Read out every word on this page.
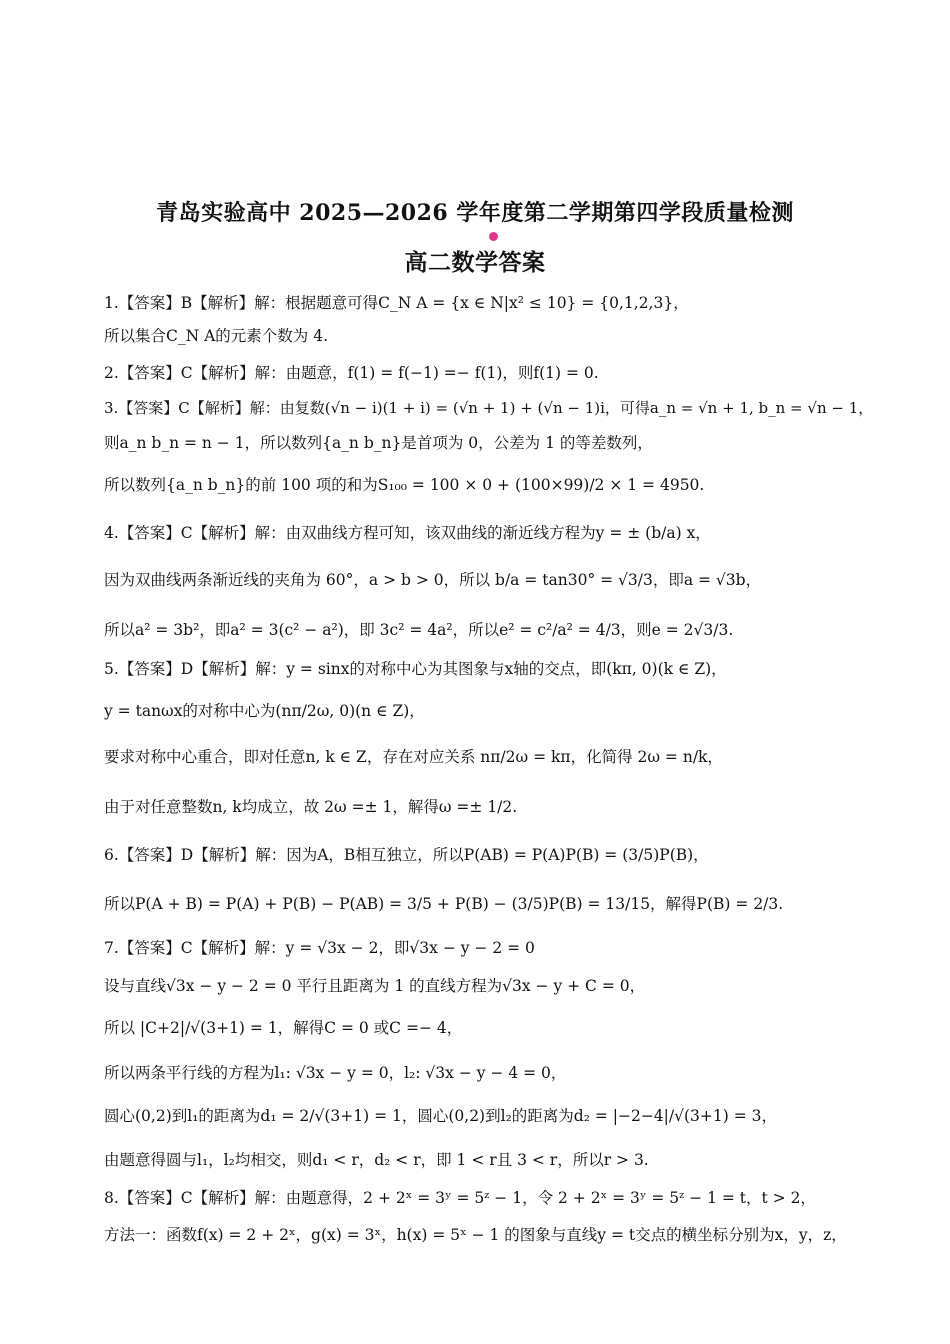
青岛实验高中 2025—2026 学年度第二学期第四学段质量检测
高二数学答案
1.【答案】B【解析】解：根据题意可得C_N A = {x ∈ N|x² ≤ 10} = {0,1,2,3}，
所以集合C_N A的元素个数为 4.
2.【答案】C【解析】解：由题意，f(1) = f(−1) =− f(1)，则f(1) = 0.
3.【答案】C【解析】解：由复数(√n − i)(1 + i) = (√n + 1) + (√n − 1)i，可得a_n = √n + 1, b_n = √n − 1，
则a_n b_n = n − 1，所以数列{a_n b_n}是首项为 0，公差为 1 的等差数列，
所以数列{a_n b_n}的前 100 项的和为S₁₀₀ = 100 × 0 + (100×99)/2 × 1 = 4950.
4.【答案】C【解析】解：由双曲线方程可知，该双曲线的渐近线方程为y = ± (b/a) x，
因为双曲线两条渐近线的夹角为 60°，a > b > 0，所以 b/a = tan30° = √3/3，即a = √3b，
所以a² = 3b²，即a² = 3(c² − a²)，即 3c² = 4a²，所以e² = c²/a² = 4/3，则e = 2√3/3.
5.【答案】D【解析】解：y = sinx的对称中心为其图象与x轴的交点，即(kπ, 0)(k ∈ Z)，
y = tanωx的对称中心为(nπ/2ω, 0)(n ∈ Z)，
要求对称中心重合，即对任意n, k ∈ Z，存在对应关系 nπ/2ω = kπ，化简得 2ω = n/k，
由于对任意整数n, k均成立，故 2ω =± 1，解得ω =± 1/2.
6.【答案】D【解析】解：因为A，B相互独立，所以P(AB) = P(A)P(B) = (3/5)P(B)，
所以P(A + B) = P(A) + P(B) − P(AB) = 3/5 + P(B) − (3/5)P(B) = 13/15，解得P(B) = 2/3.
7.【答案】C【解析】解：y = √3x − 2，即√3x − y − 2 = 0
设与直线√3x − y − 2 = 0 平行且距离为 1 的直线方程为√3x − y + C = 0，
所以 |C+2|/√(3+1) = 1，解得C = 0 或C =− 4，
所以两条平行线的方程为l₁: √3x − y = 0，l₂: √3x − y − 4 = 0，
圆心(0,2)到l₁的距离为d₁ = 2/√(3+1) = 1，圆心(0,2)到l₂的距离为d₂ = |−2−4|/√(3+1) = 3，
由题意得圆与l₁，l₂均相交，则d₁ < r，d₂ < r，即 1 < r且 3 < r，所以r > 3.
8.【答案】C【解析】解：由题意得，2 + 2ˣ = 3ʸ = 5ᶻ − 1，令 2 + 2ˣ = 3ʸ = 5ᶻ − 1 = t，t > 2，
方法一：函数f(x) = 2 + 2ˣ，g(x) = 3ˣ，h(x) = 5ˣ − 1 的图象与直线y = t交点的横坐标分别为x，y，z，
